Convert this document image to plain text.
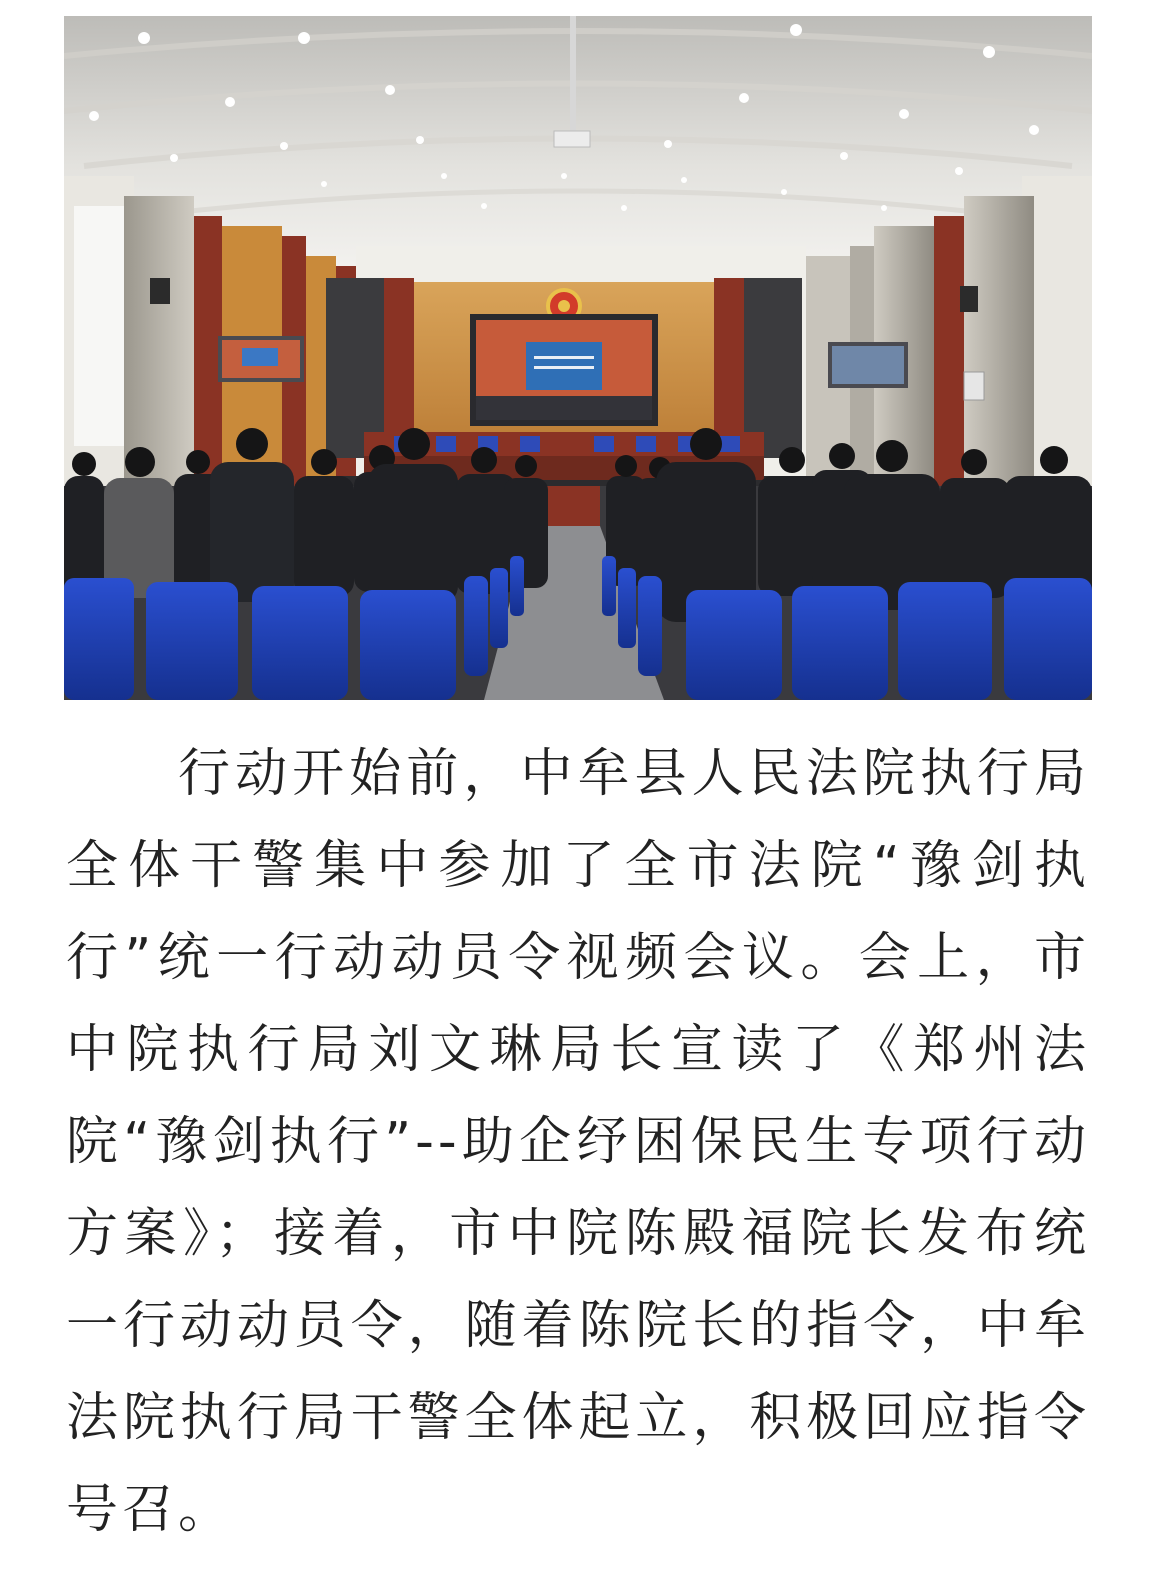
行动开始前，中牟县人民法院执行局全体干警集中参加了全市法院“豫剑执行”统一行动动员令视频会议。会上，市中院执行局刘文琳局长宣读了《郑州法院“豫剑执行”--助企纾困保民生专项行动方案》；接着，市中院陈殿福院长发布统一行动动员令，随着陈院长的指令，中牟法院执行局干警全体起立，积极回应指令号召。
